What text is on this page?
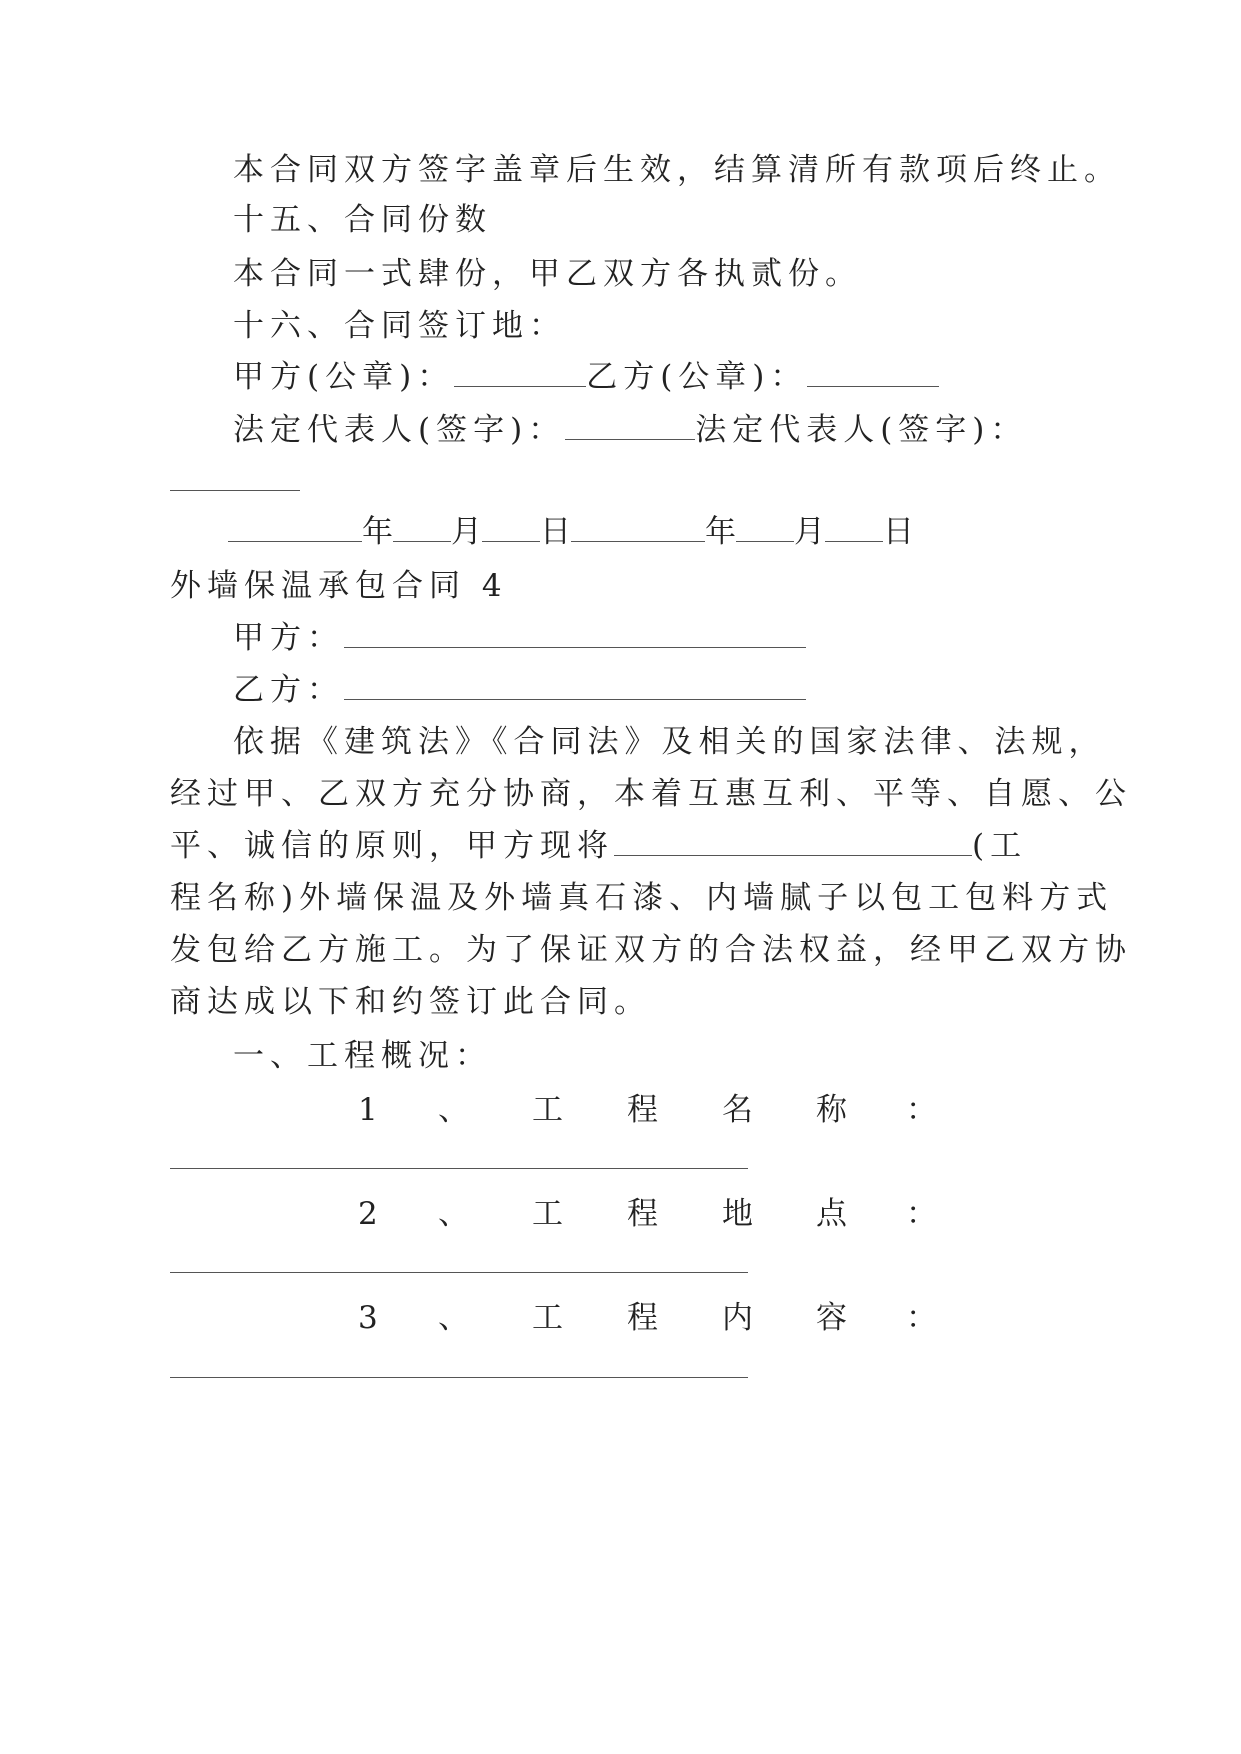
本合同双方签字盖章后生效，结算清所有款项后终止。
十五、合同份数
本合同一式肆份，甲乙双方各执贰份。
十六、合同签订地：
甲方(公章)：	乙方(公章)：
法定代表人(签字)：	法定代表人(签字)：
年 月 日	年 月 日
外墙保温承包合同 4
甲方：
乙方：
依据《建筑法》《合同法》及相关的国家法律、法规，
经过甲、乙双方充分协商，本着互惠互利、平等、自愿、公
平、诚信的原则，甲方现将	(工
程名称)外墙保温及外墙真石漆、内墙腻子以包工包料方式
发包给乙方施工。为了保证双方的合法权益，经甲乙双方协
商达成以下和约签订此合同。
一、工程概况：
1 、 工 程 名 称 ：
2 、 工 程 地 点 ：
3 、 工 程 内 容 ：
